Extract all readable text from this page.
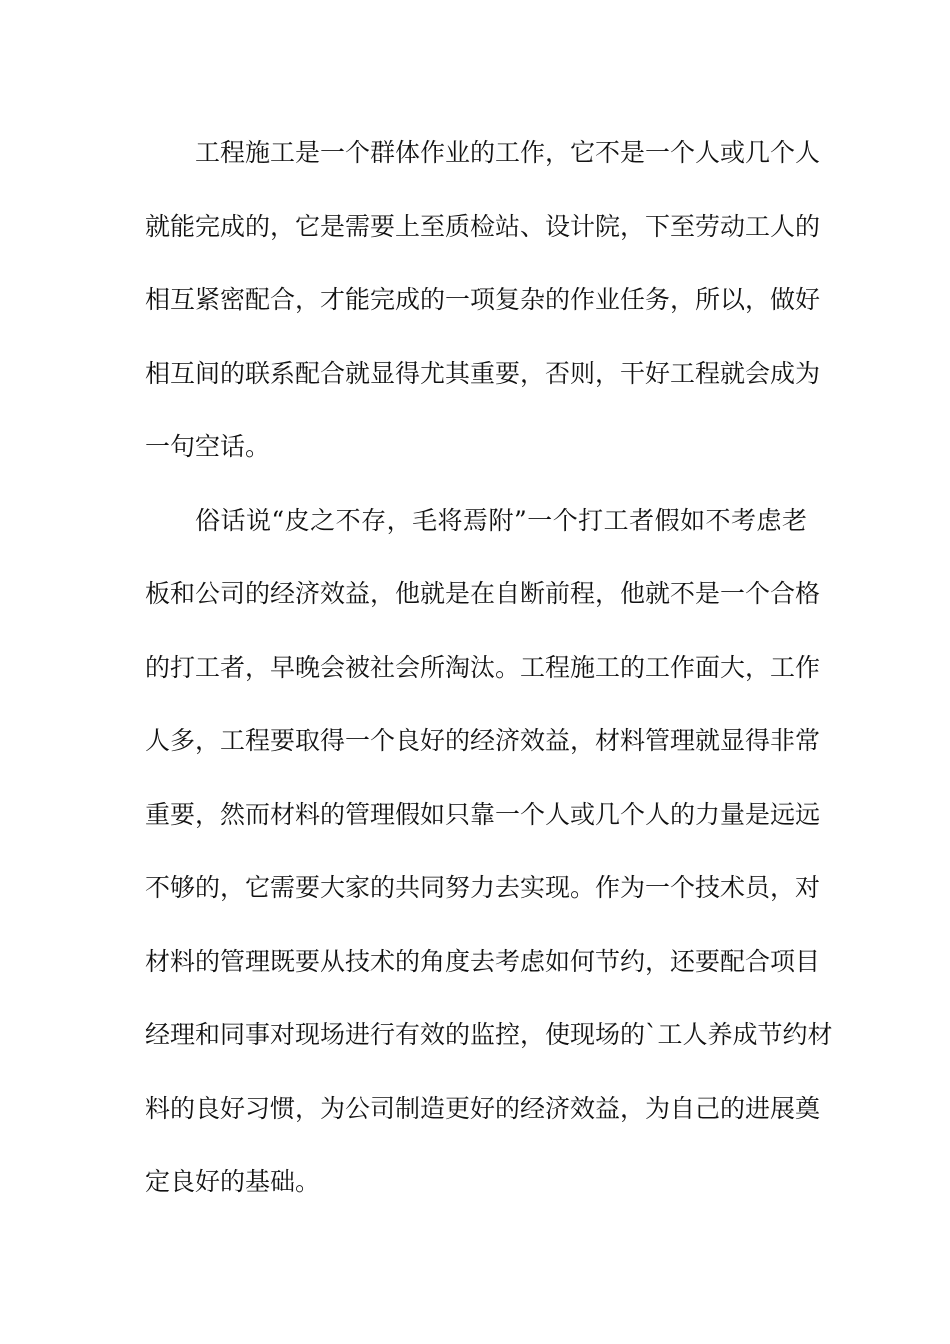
工程施工是一个群体作业的工作，它不是一个人或几个人
就能完成的，它是需要上至质检站、设计院，下至劳动工人的
相互紧密配合，才能完成的一项复杂的作业任务，所以，做好
相互间的联系配合就显得尤其重要，否则，干好工程就会成为
一句空话。
俗话说“皮之不存，毛将焉附”一个打工者假如不考虑老
板和公司的经济效益，他就是在自断前程，他就不是一个合格
的打工者，早晚会被社会所淘汰。工程施工的工作面大，工作
人多，工程要取得一个良好的经济效益，材料管理就显得非常
重要，然而材料的管理假如只靠一个人或几个人的力量是远远
不够的，它需要大家的共同努力去实现。作为一个技术员，对
材料的管理既要从技术的角度去考虑如何节约，还要配合项目
经理和同事对现场进行有效的监控，使现场的`工人养成节约材
料的良好习惯，为公司制造更好的经济效益，为自己的进展奠
定良好的基础。
